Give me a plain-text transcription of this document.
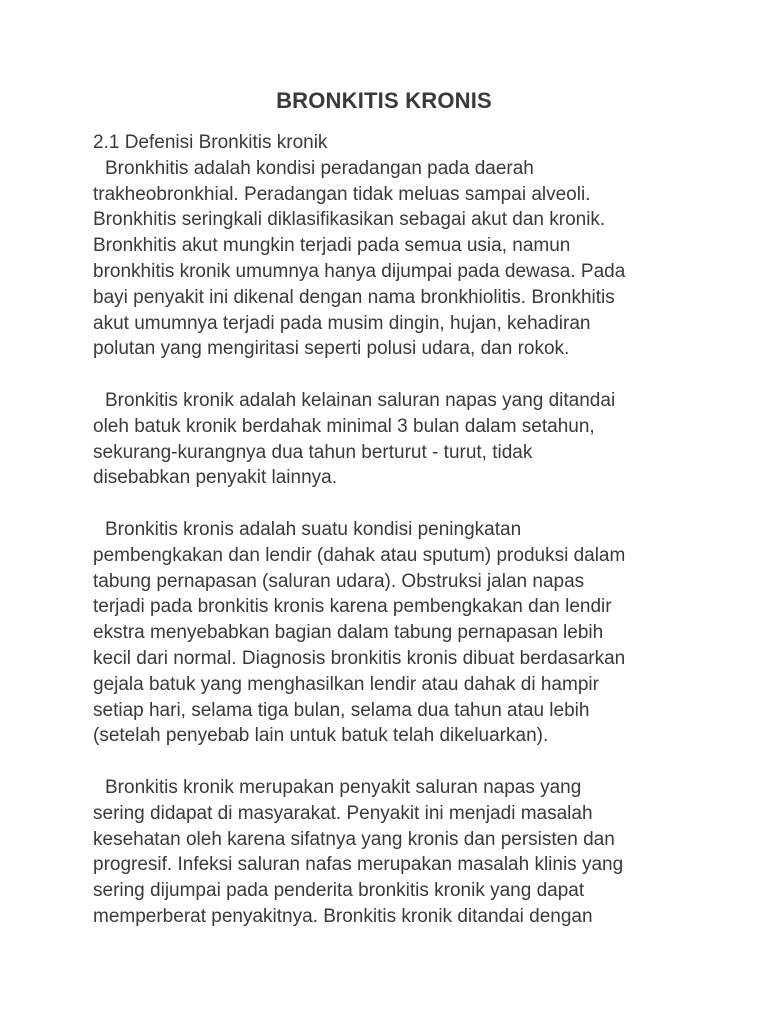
BRONKITIS KRONIS
2.1 Defenisi Bronkitis kronik
Bronkhitis adalah kondisi peradangan pada daerah
trakheobronkhial. Peradangan tidak meluas sampai alveoli.
Bronkhitis seringkali diklasifikasikan sebagai akut dan kronik.
Bronkhitis akut mungkin terjadi pada semua usia, namun
bronkhitis kronik umumnya hanya dijumpai pada dewasa. Pada
bayi penyakit ini dikenal dengan nama bronkhiolitis. Bronkhitis
akut umumnya terjadi pada musim dingin, hujan, kehadiran
polutan yang mengiritasi seperti polusi udara, dan rokok.
Bronkitis kronik adalah kelainan saluran napas yang ditandai
oleh batuk kronik berdahak minimal 3 bulan dalam setahun,
sekurang-kurangnya dua tahun berturut - turut, tidak
disebabkan penyakit lainnya.
Bronkitis kronis adalah suatu kondisi peningkatan
pembengkakan dan lendir (dahak atau sputum) produksi dalam
tabung pernapasan (saluran udara). Obstruksi jalan napas
terjadi pada bronkitis kronis karena pembengkakan dan lendir
ekstra menyebabkan bagian dalam tabung pernapasan lebih
kecil dari normal. Diagnosis bronkitis kronis dibuat berdasarkan
gejala batuk yang menghasilkan lendir atau dahak di hampir
setiap hari, selama tiga bulan, selama dua tahun atau lebih
(setelah penyebab lain untuk batuk telah dikeluarkan).
Bronkitis kronik merupakan penyakit saluran napas yang
sering didapat di masyarakat. Penyakit ini menjadi masalah
kesehatan oleh karena sifatnya yang kronis dan persisten dan
progresif. Infeksi saluran nafas merupakan masalah klinis yang
sering dijumpai pada penderita bronkitis kronik yang dapat
memperberat penyakitnya. Bronkitis kronik ditandai dengan
